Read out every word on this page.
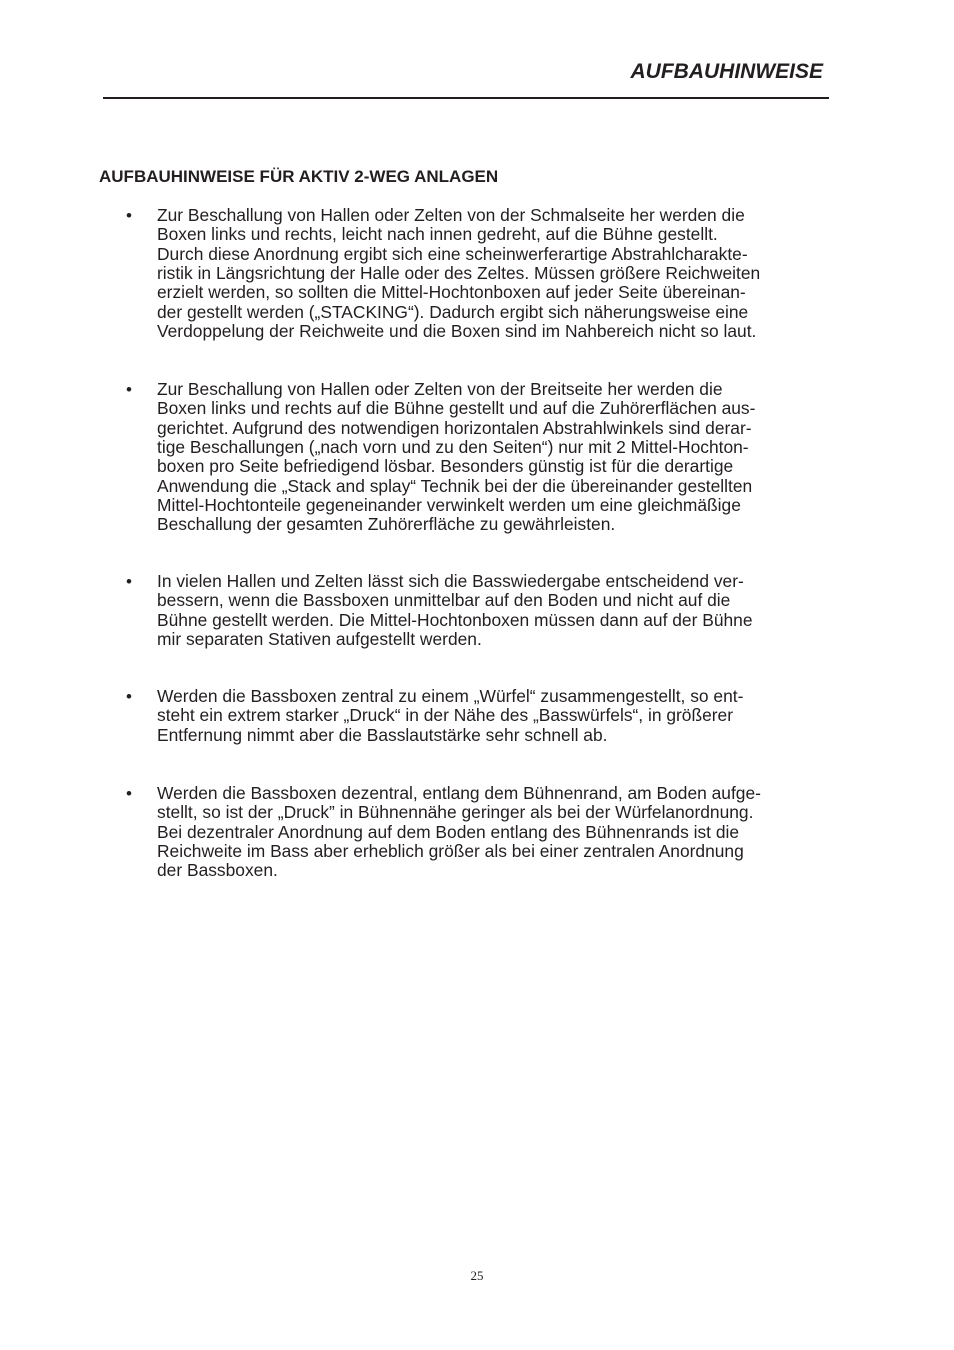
AUFBAUHINWEISE
AUFBAUHINWEISE FÜR AKTIV 2-WEG ANLAGEN
• Zur Beschallung von Hallen oder Zelten von der Schmalseite her werden die
Boxen links und rechts, leicht nach innen gedreht, auf die Bühne gestellt.
Durch diese Anordnung ergibt sich eine scheinwerferartige Abstrahlcharakte-
ristik in Längsrichtung der Halle oder des Zeltes. Müssen größere Reichweiten
erzielt werden, so sollten die Mittel-Hochtonboxen auf jeder Seite übereinan-
der gestellt werden („STACKING“). Dadurch ergibt sich näherungsweise eine
Verdoppelung der Reichweite und die Boxen sind im Nahbereich nicht so laut.
• Zur Beschallung von Hallen oder Zelten von der Breitseite her werden die
Boxen links und rechts auf die Bühne gestellt und auf die Zuhörerflächen aus-
gerichtet. Aufgrund des notwendigen horizontalen Abstrahlwinkels sind derar-
tige Beschallungen („nach vorn und zu den Seiten“) nur mit 2 Mittel-Hochton-
boxen pro Seite befriedigend lösbar. Besonders günstig ist für die derartige
Anwendung die „Stack and splay“ Technik bei der die übereinander gestellten
Mittel-Hochtonteile gegeneinander verwinkelt werden um eine gleichmäßige
Beschallung der gesamten Zuhörerfläche zu gewährleisten.
• In vielen Hallen und Zelten lässt sich die Basswiedergabe entscheidend ver-
bessern, wenn die Bassboxen unmittelbar auf den Boden und nicht auf die
Bühne gestellt werden. Die Mittel-Hochtonboxen müssen dann auf der Bühne
mir separaten Stativen aufgestellt werden.
• Werden die Bassboxen zentral zu einem „Würfel“ zusammengestellt, so ent-
steht ein extrem starker „Druck“ in der Nähe des „Basswürfels“, in größerer
Entfernung nimmt aber die Basslautstärke sehr schnell ab.
• Werden die Bassboxen dezentral, entlang dem Bühnenrand, am Boden aufge-
stellt, so ist der „Druck” in Bühnennähe geringer als bei der Würfelanordnung.
Bei dezentraler Anordnung auf dem Boden entlang des Bühnenrands ist die
Reichweite im Bass aber erheblich größer als bei einer zentralen Anordnung
der Bassboxen.
25
